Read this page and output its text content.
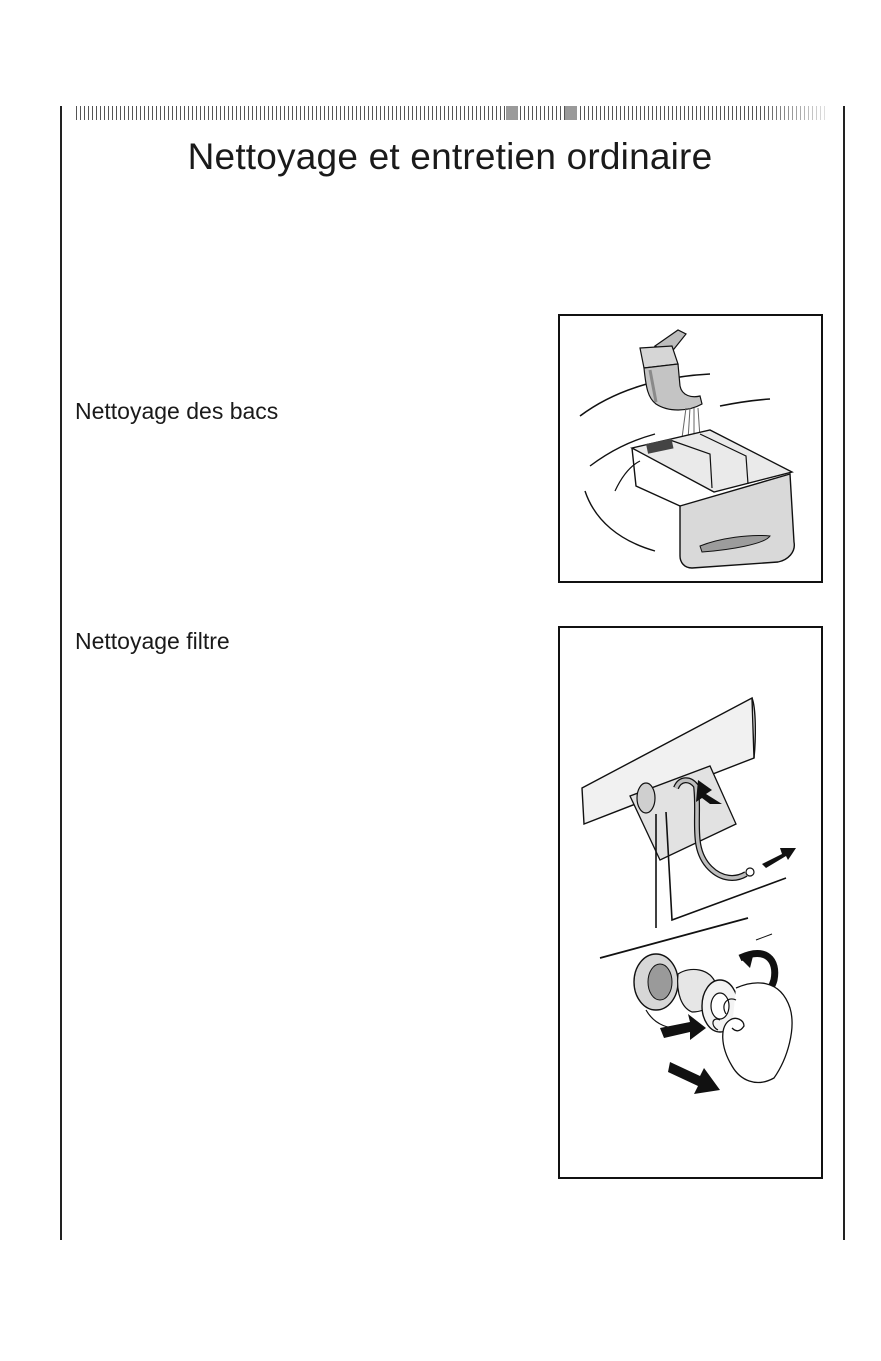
Nettoyage et entretien ordinaire
Nettoyage des bacs
Nettoyage filtre
